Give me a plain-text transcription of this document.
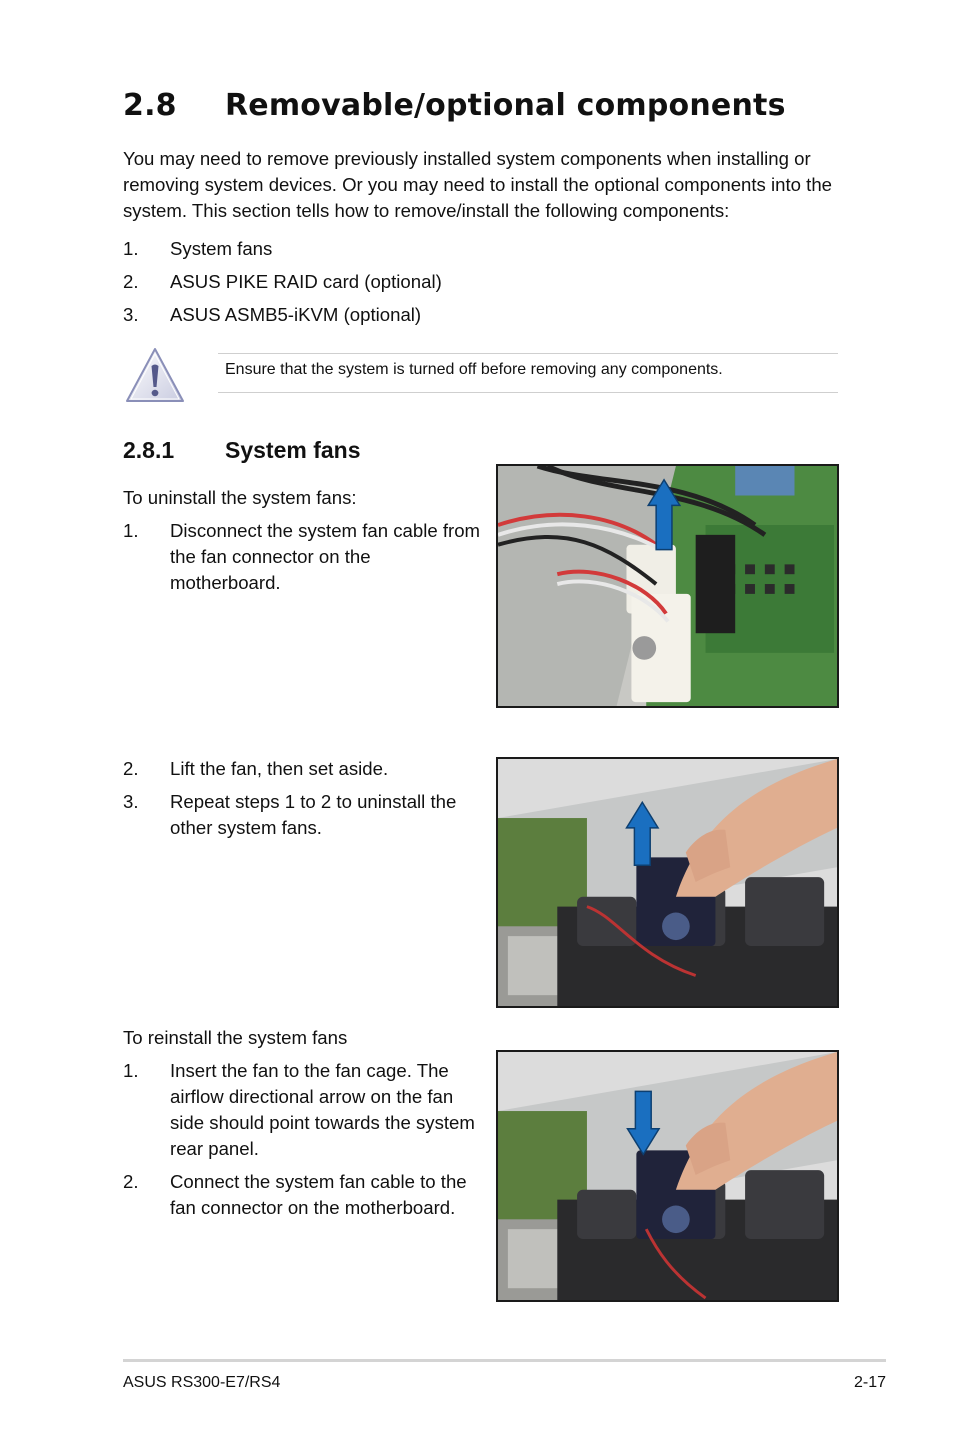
2.8 Removable/optional components
You may need to remove previously installed system components when installing or removing system devices. Or you may need to install the optional components into the system. This section tells how to remove/install the following components:
1. System fans
2. ASUS PIKE RAID card (optional)
3. ASUS ASMB5-iKVM (optional)
Ensure that the system is turned off before removing any components.
2.8.1 System fans
To uninstall the system fans:
1. Disconnect the system fan cable from the fan connector on the motherboard.
2. Lift the fan, then set aside.
3. Repeat steps 1 to 2 to uninstall the other system fans.
To reinstall the system fans
1. Insert the fan to the fan cage. The airflow directional arrow on the fan side should point towards the system rear panel.
2. Connect the system fan cable to the fan connector on the motherboard.
ASUS RS300-E7/RS4	2-17
